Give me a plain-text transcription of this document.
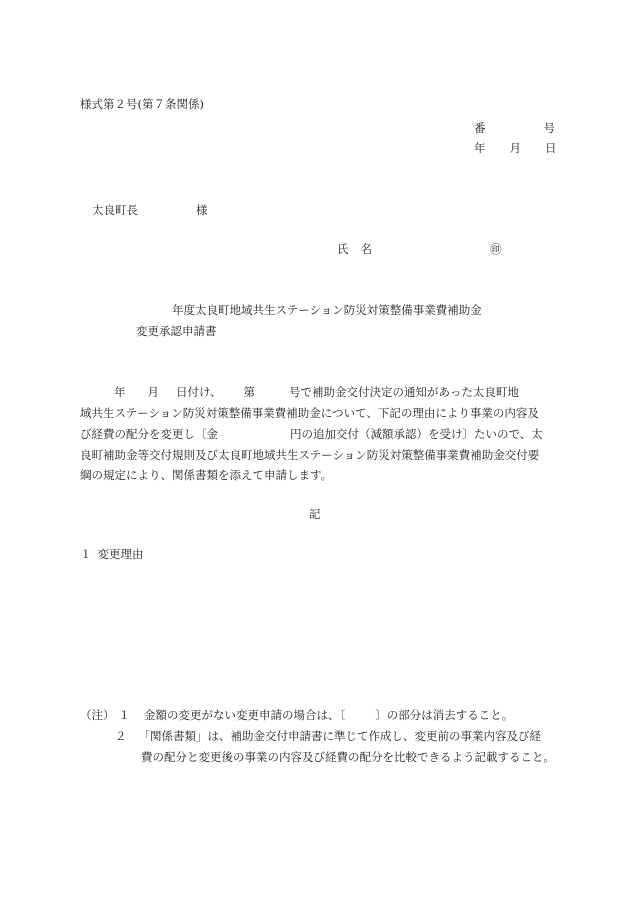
様式第２号(第７条関係)
番	号
年 月 日
太良町長	様
氏 名	㊞
年度太良町地域共生ステーション防災対策整備事業費補助金
変更承認申請書
年 月 日付け、 第	号で補助金交付決定の通知があった太良町地
域共生ステーション防災対策整備事業費補助金について、下記の理由により事業の内容及
び経費の配分を変更し〔金	円の追加交付（減額承認）を受け〕たいので、太
良町補助金等交付規則及び太良町地域共生ステーション防災対策整備事業費補助金交付要
綱の規定により、関係書類を添えて申請します。
記
１ 変更理由
（注） １ 金額の変更がない変更申請の場合は、〔	〕の部分は消去すること。
２ 「関係書類」は、補助金交付申請書に準じて作成し、変更前の事業内容及び経
費の配分と変更後の事業の内容及び経費の配分を比較できるよう記載すること。
